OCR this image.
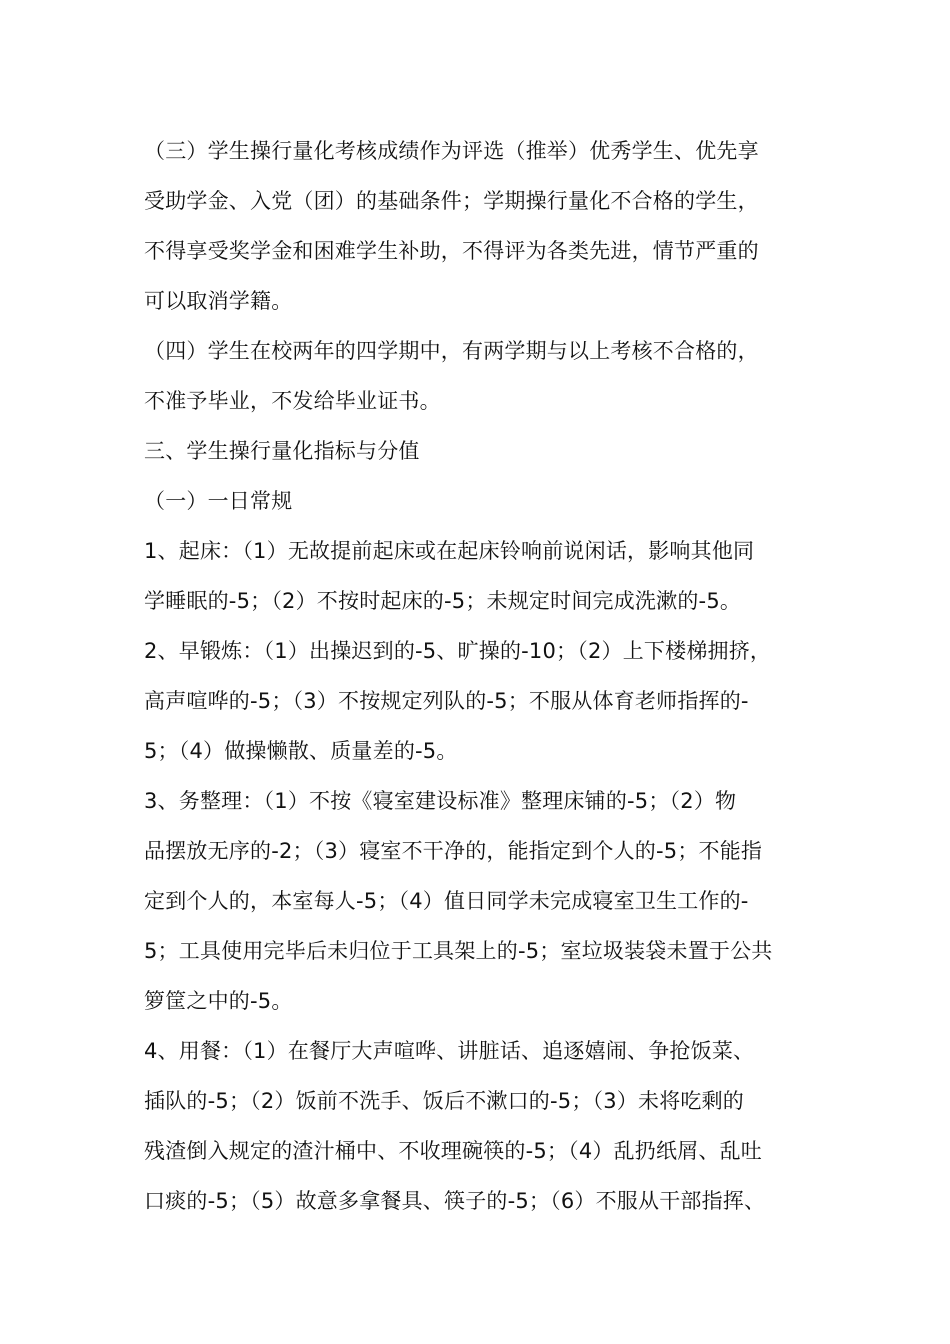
（三）学生操行量化考核成绩作为评选（推举）优秀学生、优先享
受助学金、入党（团）的基础条件；学期操行量化不合格的学生，
不得享受奖学金和困难学生补助，不得评为各类先进，情节严重的
可以取消学籍。
（四）学生在校两年的四学期中，有两学期与以上考核不合格的，
不准予毕业，不发给毕业证书。
三、学生操行量化指标与分值
（一）一日常规
1、起床：（1）无故提前起床或在起床铃响前说闲话，影响其他同
学睡眠的-5；（2）不按时起床的-5；未规定时间完成洗漱的-5。
2、早锻炼：（1）出操迟到的-5、旷操的-10；（2）上下楼梯拥挤，
高声喧哗的-5；（3）不按规定列队的-5；不服从体育老师指挥的-
5；（4）做操懒散、质量差的-5。
3、务整理：（1）不按《寝室建设标准》整理床铺的-5；（2）物
品摆放无序的-2；（3）寝室不干净的，能指定到个人的-5；不能指
定到个人的，本室每人-5；（4）值日同学未完成寝室卫生工作的-
5；工具使用完毕后未归位于工具架上的-5；室垃圾装袋未置于公共
箩筐之中的-5。
4、用餐：（1）在餐厅大声喧哗、讲脏话、追逐嬉闹、争抢饭菜、
插队的-5；（2）饭前不洗手、饭后不漱口的-5；（3）未将吃剩的
残渣倒入规定的渣汁桶中、不收理碗筷的-5；（4）乱扔纸屑、乱吐
口痰的-5；（5）故意多拿餐具、筷子的-5；（6）不服从干部指挥、
